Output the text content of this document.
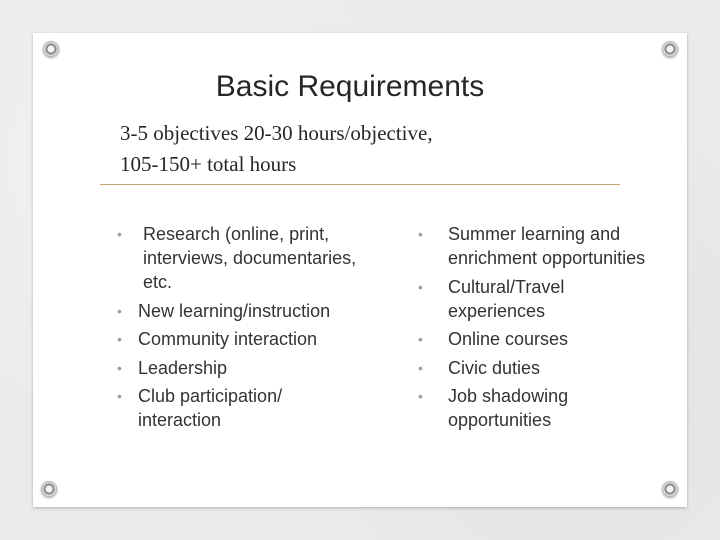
Basic Requirements
3-5 objectives 20-30 hours/objective,
105-150+ total hours
• Research (online, print, interviews, documentaries, etc.
• New learning/instruction
• Community interaction
• Leadership
• Club participation/ interaction
• Summer learning and enrichment opportunities
• Cultural/Travel experiences
• Online courses
• Civic duties
• Job shadowing opportunities
